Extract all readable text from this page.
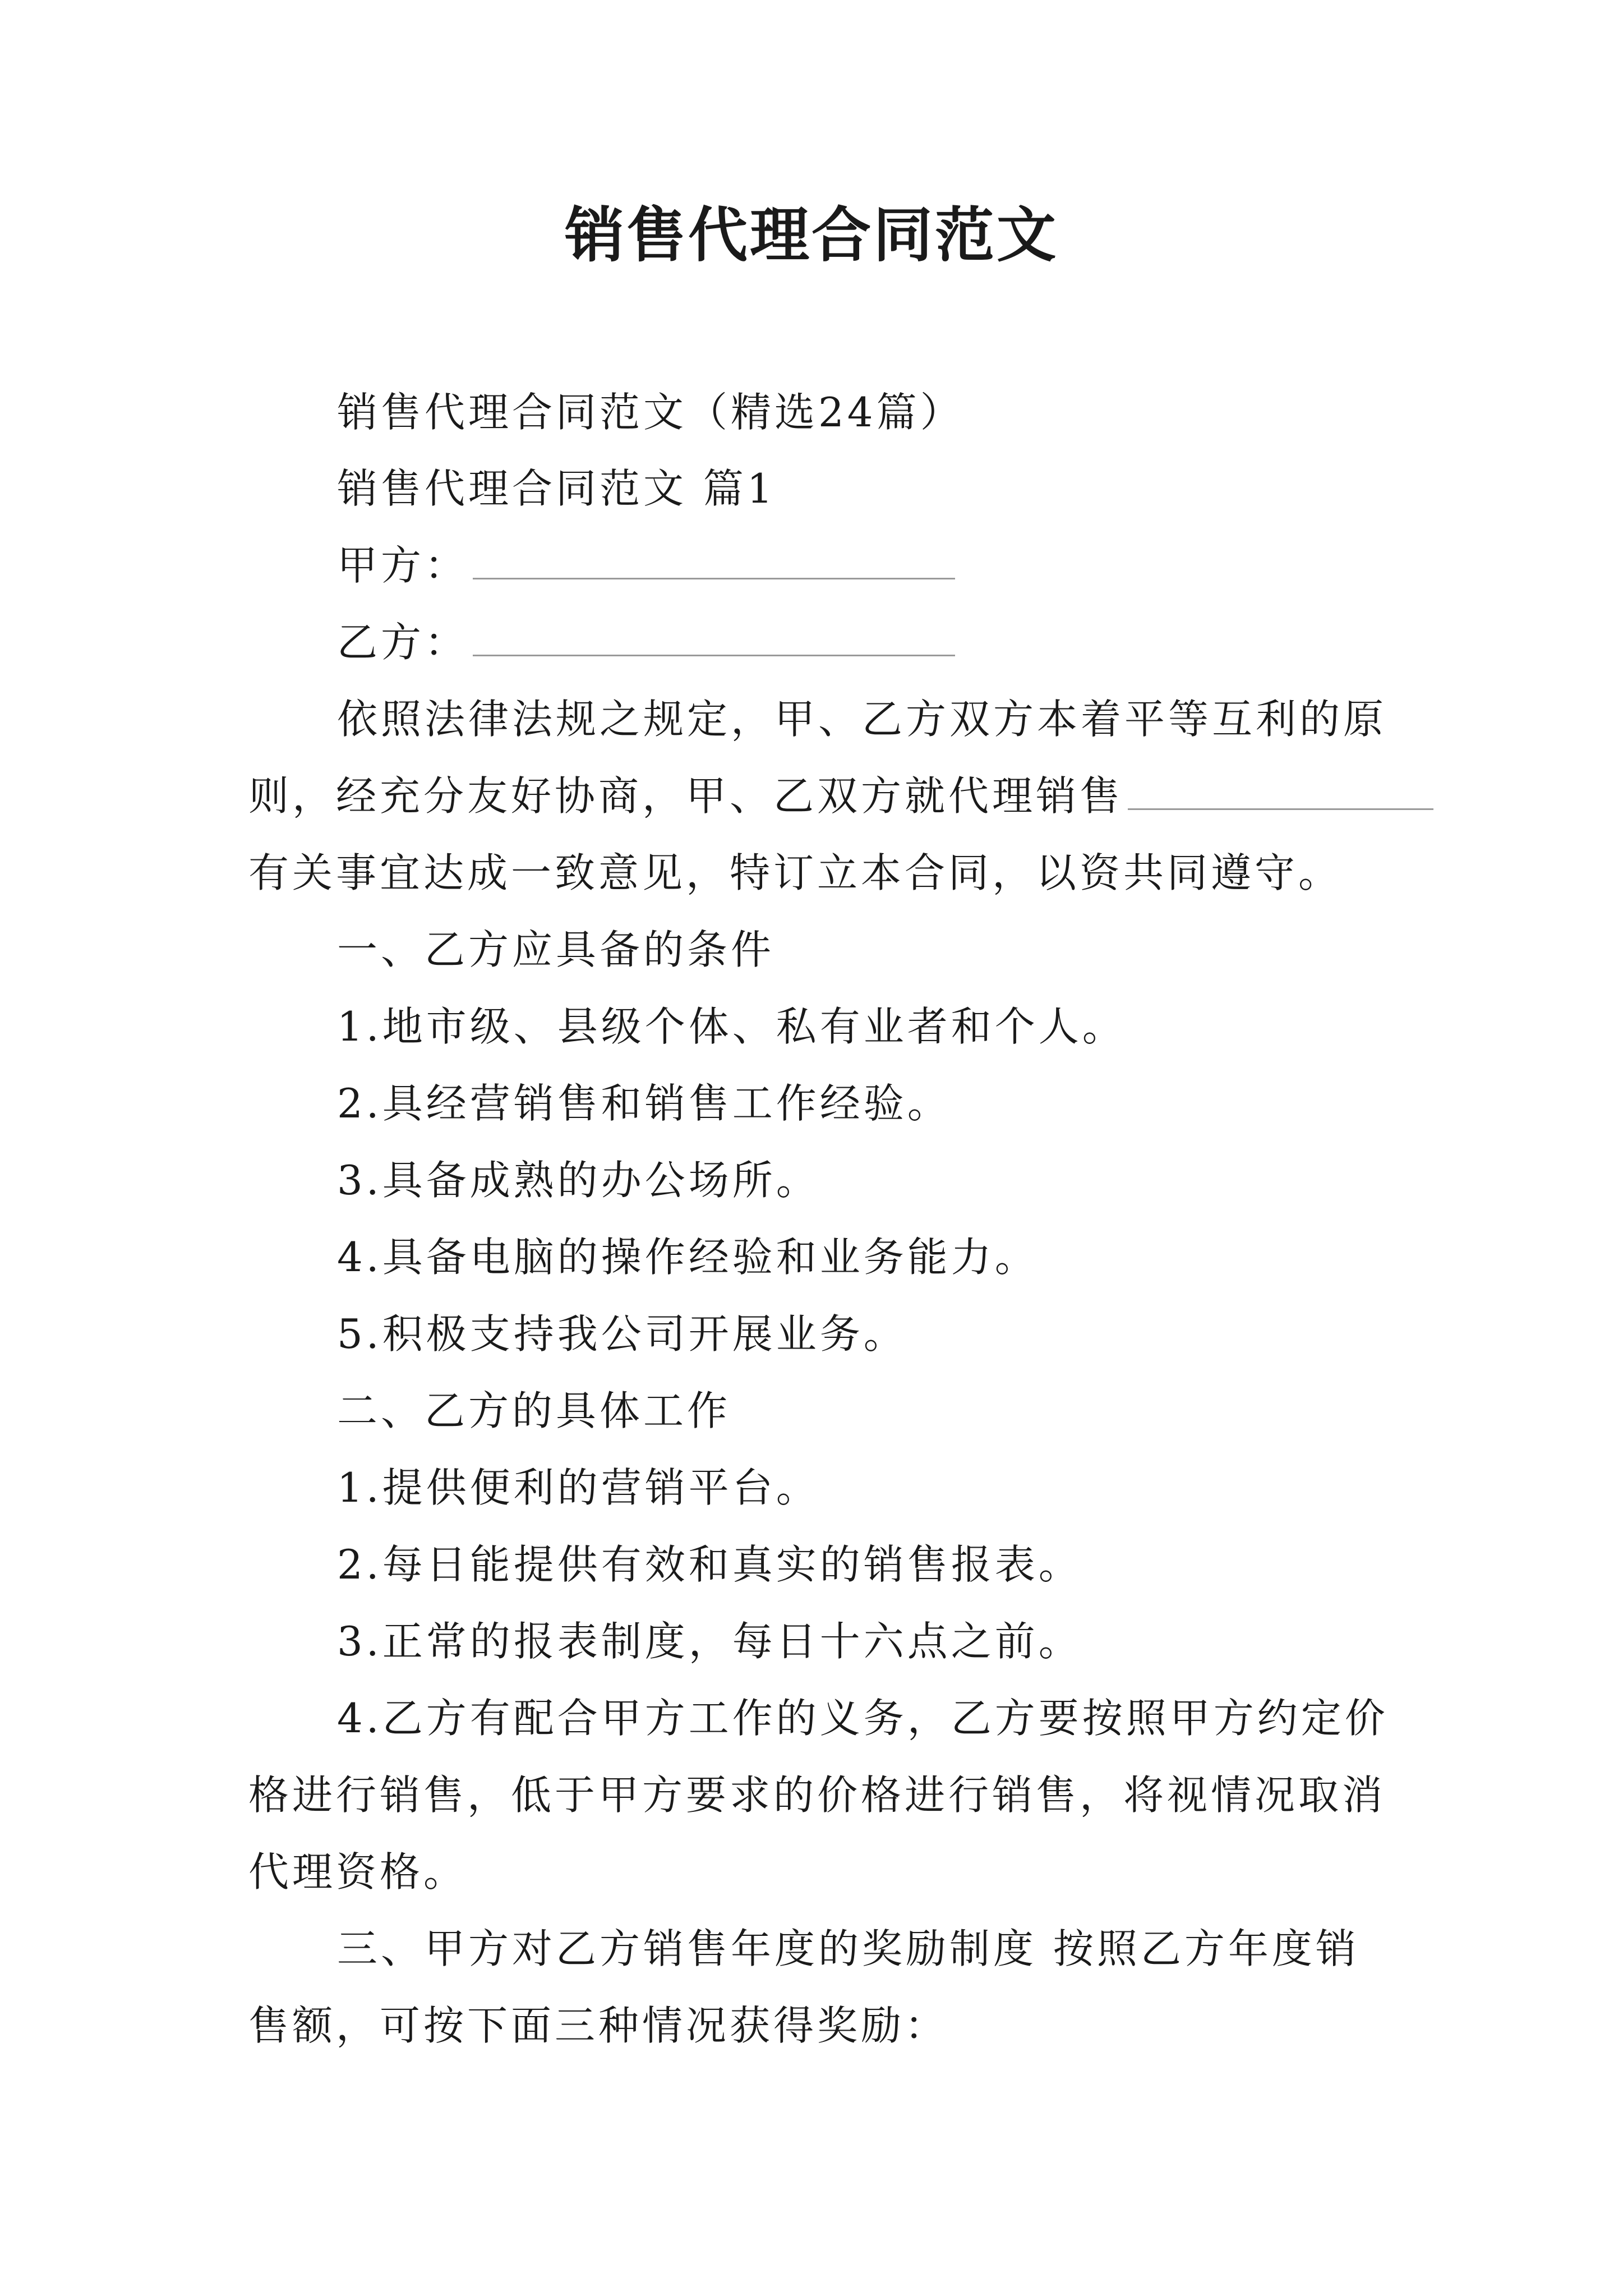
销售代理合同范文
销售代理合同范文（精选24篇）
销售代理合同范文 篇1
甲方：
乙方：
依照法律法规之规定，甲、乙方双方本着平等互利的原
则，经充分友好协商，甲、乙双方就代理销售
有关事宜达成一致意见，特订立本合同，以资共同遵守。
一、乙方应具备的条件
1.地市级、县级个体、私有业者和个人。
2.具经营销售和销售工作经验。
3.具备成熟的办公场所。
4.具备电脑的操作经验和业务能力。
5.积极支持我公司开展业务。
二、乙方的具体工作
1.提供便利的营销平台。
2.每日能提供有效和真实的销售报表。
3.正常的报表制度，每日十六点之前。
4.乙方有配合甲方工作的义务，乙方要按照甲方约定价
格进行销售，低于甲方要求的价格进行销售，将视情况取消
代理资格。
三、甲方对乙方销售年度的奖励制度 按照乙方年度销
售额，可按下面三种情况获得奖励：
